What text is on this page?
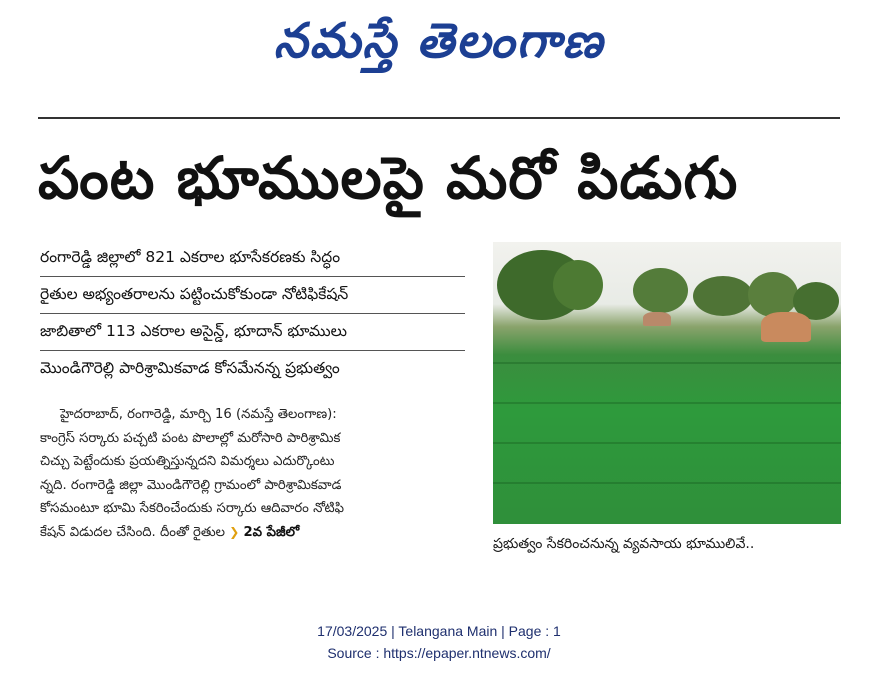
నమస్తే తెలంగాణ
పంట భూములపై మరో పిడుగు
రంగారెడ్డి జిల్లాలో 821 ఎకరాల భూసేకరణకు సిద్ధం
రైతుల అభ్యంతరాలను పట్టించుకోకుండా నోటిఫికేషన్
జాబితాలో 113 ఎకరాల అసైన్డ్, భూదాన్ భూములు
మొండిగౌరెల్లి పారిశ్రామికవాడ కోసమేనన్న ప్రభుత్వం

హైదరాబాద్, రంగారెడ్డి, మార్చి 16 (నమస్తే తెలంగాణ):

కాంగ్రెస్ సర్కారు పచ్చటి పంట పొలాల్లో మరోసారి పారిశ్రామిక

చిచ్చు పెట్టేందుకు ప్రయత్నిస్తున్నదని విమర్శలు ఎదుర్కొంటు

న్నది. రంగారెడ్డి జిల్లా మొండిగౌరెల్లి గ్రామంలో పారిశ్రామికవాడ

కోసమంటూ భూమి సేకరించేందుకు సర్కారు ఆదివారం నోటిఫి

కేషన్ విడుదల చేసింది. దీంతో రైతుల ❯ 2వ పేజీలో

ప్రభుత్వం సేకరించనున్న వ్యవసాయ భూములివే..
17/03/2025 | Telangana Main | Page : 1
Source : https://epaper.ntnews.com/
